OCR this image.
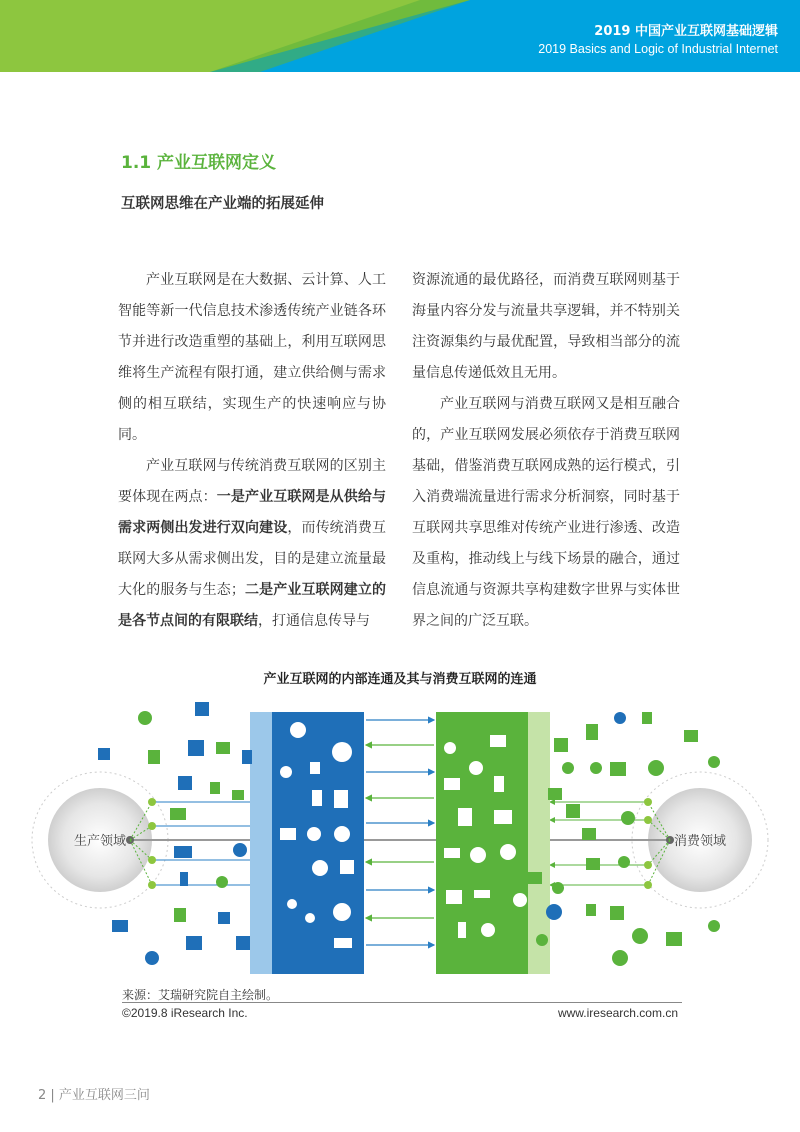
2019 中国产业互联网基础逻辑
2019 Basics and Logic of Industrial Internet
1.1 产业互联网定义
互联网思维在产业端的拓展延伸

产业互联网是在大数据、云计算、人工智能等新一代信息技术渗透传统产业链各环节并进行改造重塑的基础上，利用互联网思维将生产流程有限打通，建立供给侧与需求侧的相互联结，实现生产的快速响应与协同。

产业互联网与传统消费互联网的区别主要体现在两点：一是产业互联网是从供给与需求两侧出发进行双向建设，而传统消费互联网大多从需求侧出发，目的是建立流量最大化的服务与生态；二是产业互联网建立的是各节点间的有限联结，打通信息传导与

资源流通的最优路径，而消费互联网则基于海量内容分发与流量共享逻辑，并不特别关注资源集约与最优配置，导致相当部分的流量信息传递低效且无用。

产业互联网与消费互联网又是相互融合的，产业互联网发展必须依存于消费互联网基础，借鉴消费互联网成熟的运行模式，引入消费端流量进行需求分析洞察，同时基于互联网共享思维对传统产业进行渗透、改造及重构，推动线上与线下场景的融合，通过信息流通与资源共享构建数字世界与实体世界之间的广泛互联。

产业互联网的内部连通及其与消费互联网的连通
生产领域	消费领域
来源：艾瑞研究院自主绘制。
©2019.8 iResearch Inc.	www.iresearch.com.cn
2 | 产业互联网三问
